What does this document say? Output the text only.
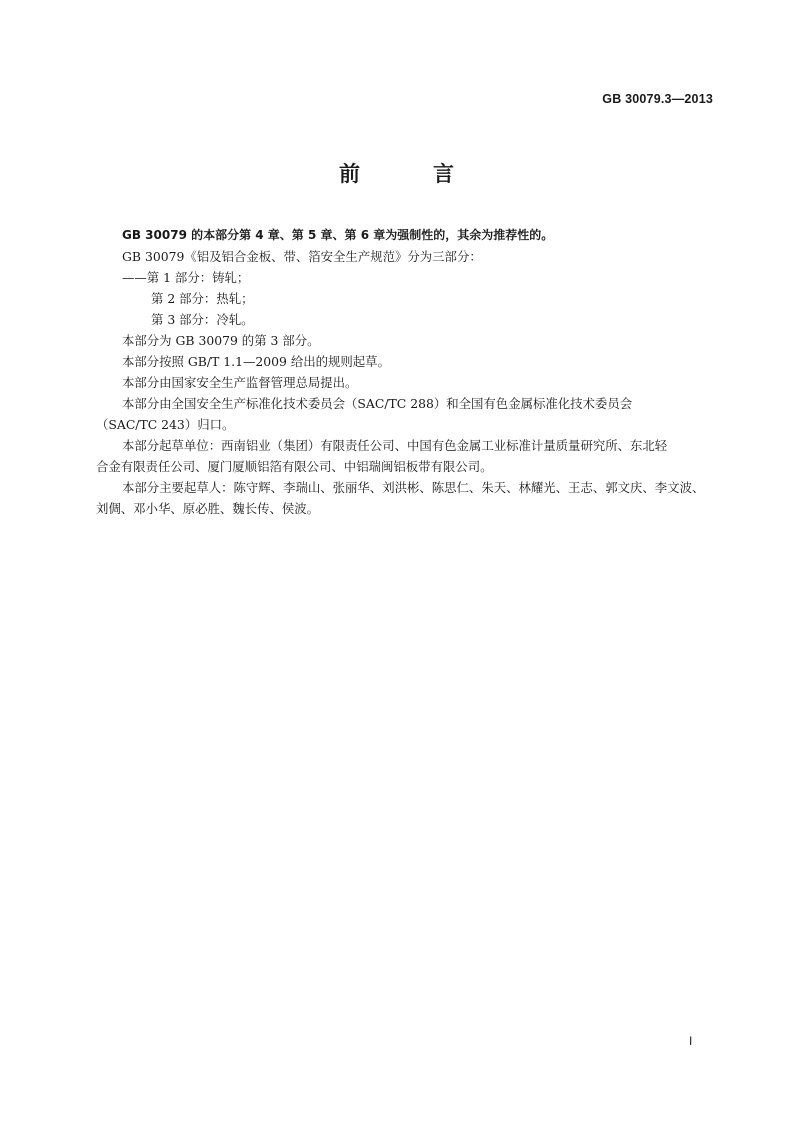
GB 30079.3—2013
前　言

GB 30079 的本部分第 4 章、第 5 章、第 6 章为强制性的，其余为推荐性的。

GB 30079《铝及铝合金板、带、箔安全生产规范》分为三部分：

——第 1 部分：铸轧；

第 2 部分：热轧；

第 3 部分：冷轧。

本部分为 GB 30079 的第 3 部分。

本部分按照 GB/T 1.1—2009 给出的规则起草。

本部分由国家安全生产监督管理总局提出。

本部分由全国安全生产标准化技术委员会（SAC/TC 288）和全国有色金属标准化技术委员会

（SAC/TC 243）归口。

本部分起草单位：西南铝业（集团）有限责任公司、中国有色金属工业标准计量质量研究所、东北轻

合金有限责任公司、厦门厦顺铝箔有限公司、中铝瑞闽铝板带有限公司。

本部分主要起草人：陈守辉、李瑞山、张丽华、刘洪彬、陈思仁、朱天、林耀光、王志、郭文庆、李文波、

刘倜、邓小华、原必胜、魏长传、侯波。

I
